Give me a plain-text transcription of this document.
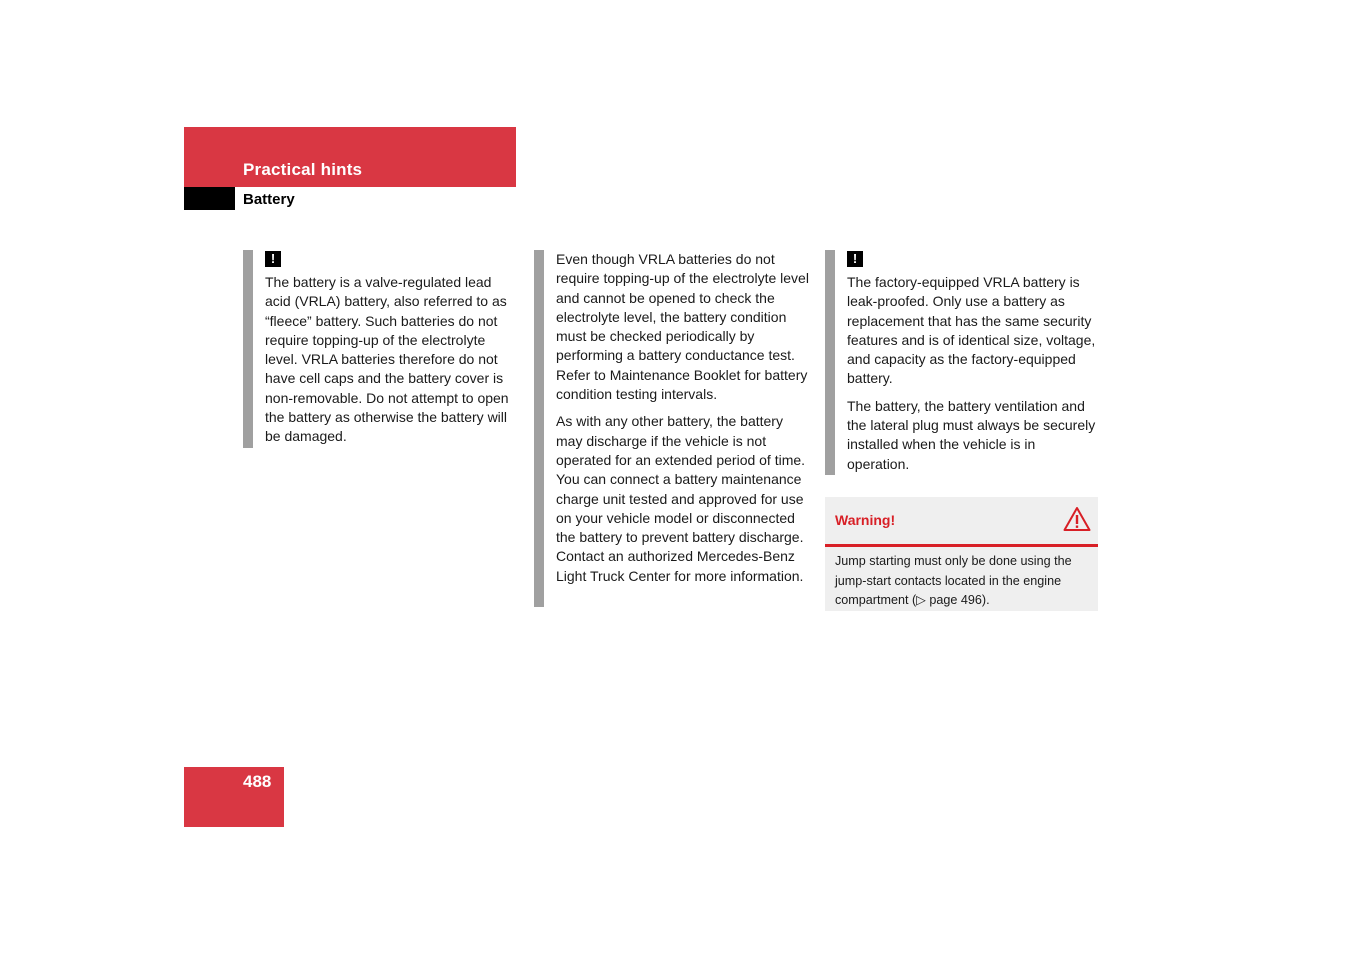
Practical hints
Battery
!

The battery is a valve-regulated lead acid (VRLA) battery, also referred to as “fleece” battery. Such batteries do not require topping-up of the electrolyte level. VRLA batteries therefore do not have cell caps and the battery cover is non-removable. Do not attempt to open the battery as otherwise the battery will be damaged.

Even though VRLA batteries do not require topping-up of the electrolyte level and cannot be opened to check the electrolyte level, the battery condition must be checked periodically by performing a battery conductance test. Refer to Maintenance Booklet for battery condition testing intervals.

As with any other battery, the battery may discharge if the vehicle is not operated for an extended period of time. You can connect a battery maintenance charge unit tested and approved for use on your vehicle model or disconnected the battery to prevent battery discharge. Contact an authorized Mercedes-Benz Light Truck Center for more information.

!

The factory-equipped VRLA battery is leak-proofed. Only use a battery as replacement that has the same security features and is of identical size, voltage, and capacity as the factory-equipped battery.

The battery, the battery ventilation and the lateral plug must always be securely installed when the vehicle is in operation.

Warning!

Jump starting must only be done using the jump-start contacts located in the engine compartment (▷ page 496).

488
